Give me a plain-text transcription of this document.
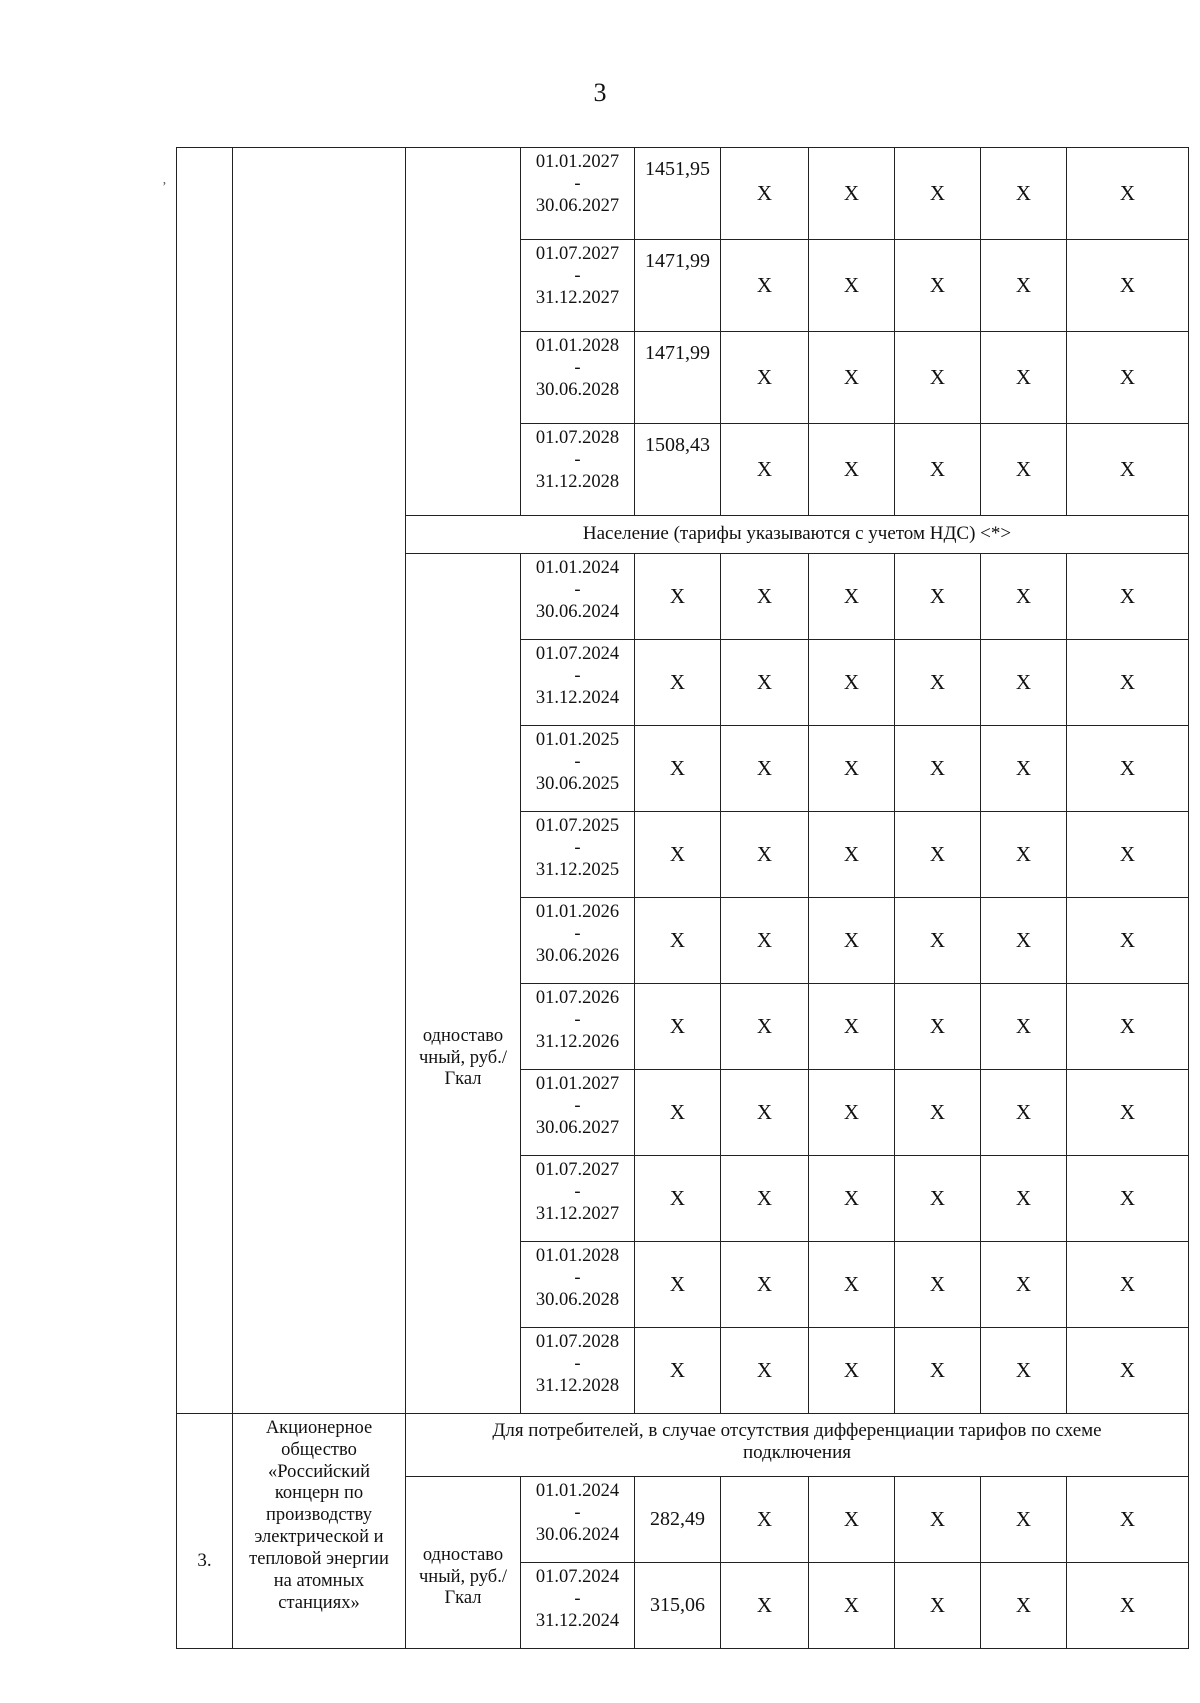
3
’

			01.01.2027
-
30.06.2027	1451,95	X	X	X	X	X

			01.07.2027
-
31.12.2027	1471,99	X	X	X	X	X

			01.01.2028
-
30.06.2028	1471,99	X	X	X	X	X

			01.07.2028
-
31.12.2028	1508,43	X	X	X	X	X
		Население (тарифы указываются с учетом НДС) <*>							
		одноставо чный, руб./Гкал	01.01.2024
-
30.06.2024	X	X	X	X	X	X

			01.07.2024
-
31.12.2024	X	X	X	X	X	X

			01.01.2025
-
30.06.2025	X	X	X	X	X	X

			01.07.2025
-
31.12.2025	X	X	X	X	X	X

			01.01.2026
-
30.06.2026	X	X	X	X	X	X

			01.07.2026
-
31.12.2026	X	X	X	X	X	X

			01.01.2027
-
30.06.2027	X	X	X	X	X	X

			01.07.2027
-
31.12.2027	X	X	X	X	X	X

			01.01.2028
-
30.06.2028	X	X	X	X	X	X

			01.07.2028
-
31.12.2028	X	X	X	X	X	X
3.	Акционерное общество «Российский концерн по производству электрической и тепловой энергии на атомных станциях»	Для потребителей, в случае отсутствия дифференциации тарифов по схеме подключения							
		одноставо чный, руб./Гкал	01.01.2024
-
30.06.2024	282,49	X	X	X	X	X

			01.07.2024
-
31.12.2024	315,06	X	X	X	X	X
